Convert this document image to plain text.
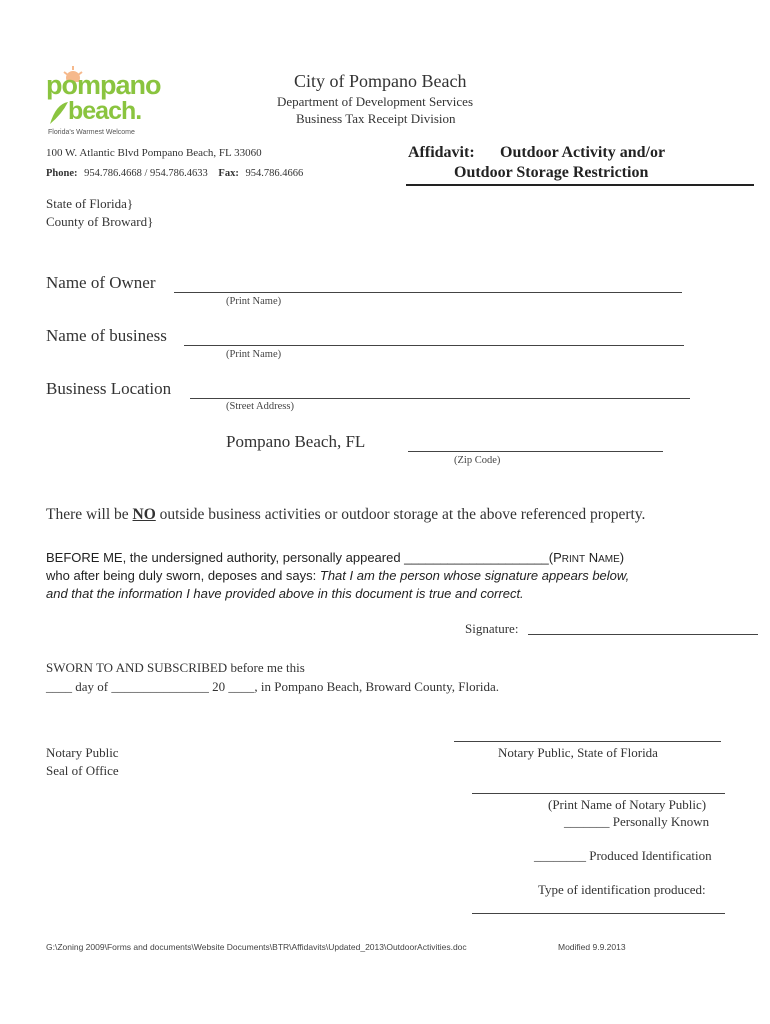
pompano
beach.
Florida's Warmest Welcome
City of Pompano Beach
Department of Development Services
Business Tax Receipt Division
100 W. Atlantic Blvd Pompano Beach, FL 33060
Phone: 954.786.4668 / 954.786.4633 Fax: 954.786.4666
Affidavit: Outdoor Activity and/or
Outdoor Storage Restriction
State of Florida}
County of Broward}
Name of Owner
(Print Name)
Name of business
(Print Name)
Business Location
(Street Address)
Pompano Beach, FL
(Zip Code)
There will be NO outside business activities or outdoor storage at the above referenced property.
BEFORE ME, the undersigned authority, personally appeared ____________________(PRINT NAME)
who after being duly sworn, deposes and says: That I am the person whose signature appears below,
and that the information I have provided above in this document is true and correct.
Signature:
SWORN TO AND SUBSCRIBED before me this
____ day of _______________ 20 ____, in Pompano Beach, Broward County, Florida.
Notary Public
Seal of Office
Notary Public, State of Florida
(Print Name of Notary Public)
_______ Personally Known
________ Produced Identification
Type of identification produced:
G:\Zoning 2009\Forms and documents\Website Documents\BTR\Affidavits\Updated_2013\OutdoorActivities.doc	Modified 9.9.2013
